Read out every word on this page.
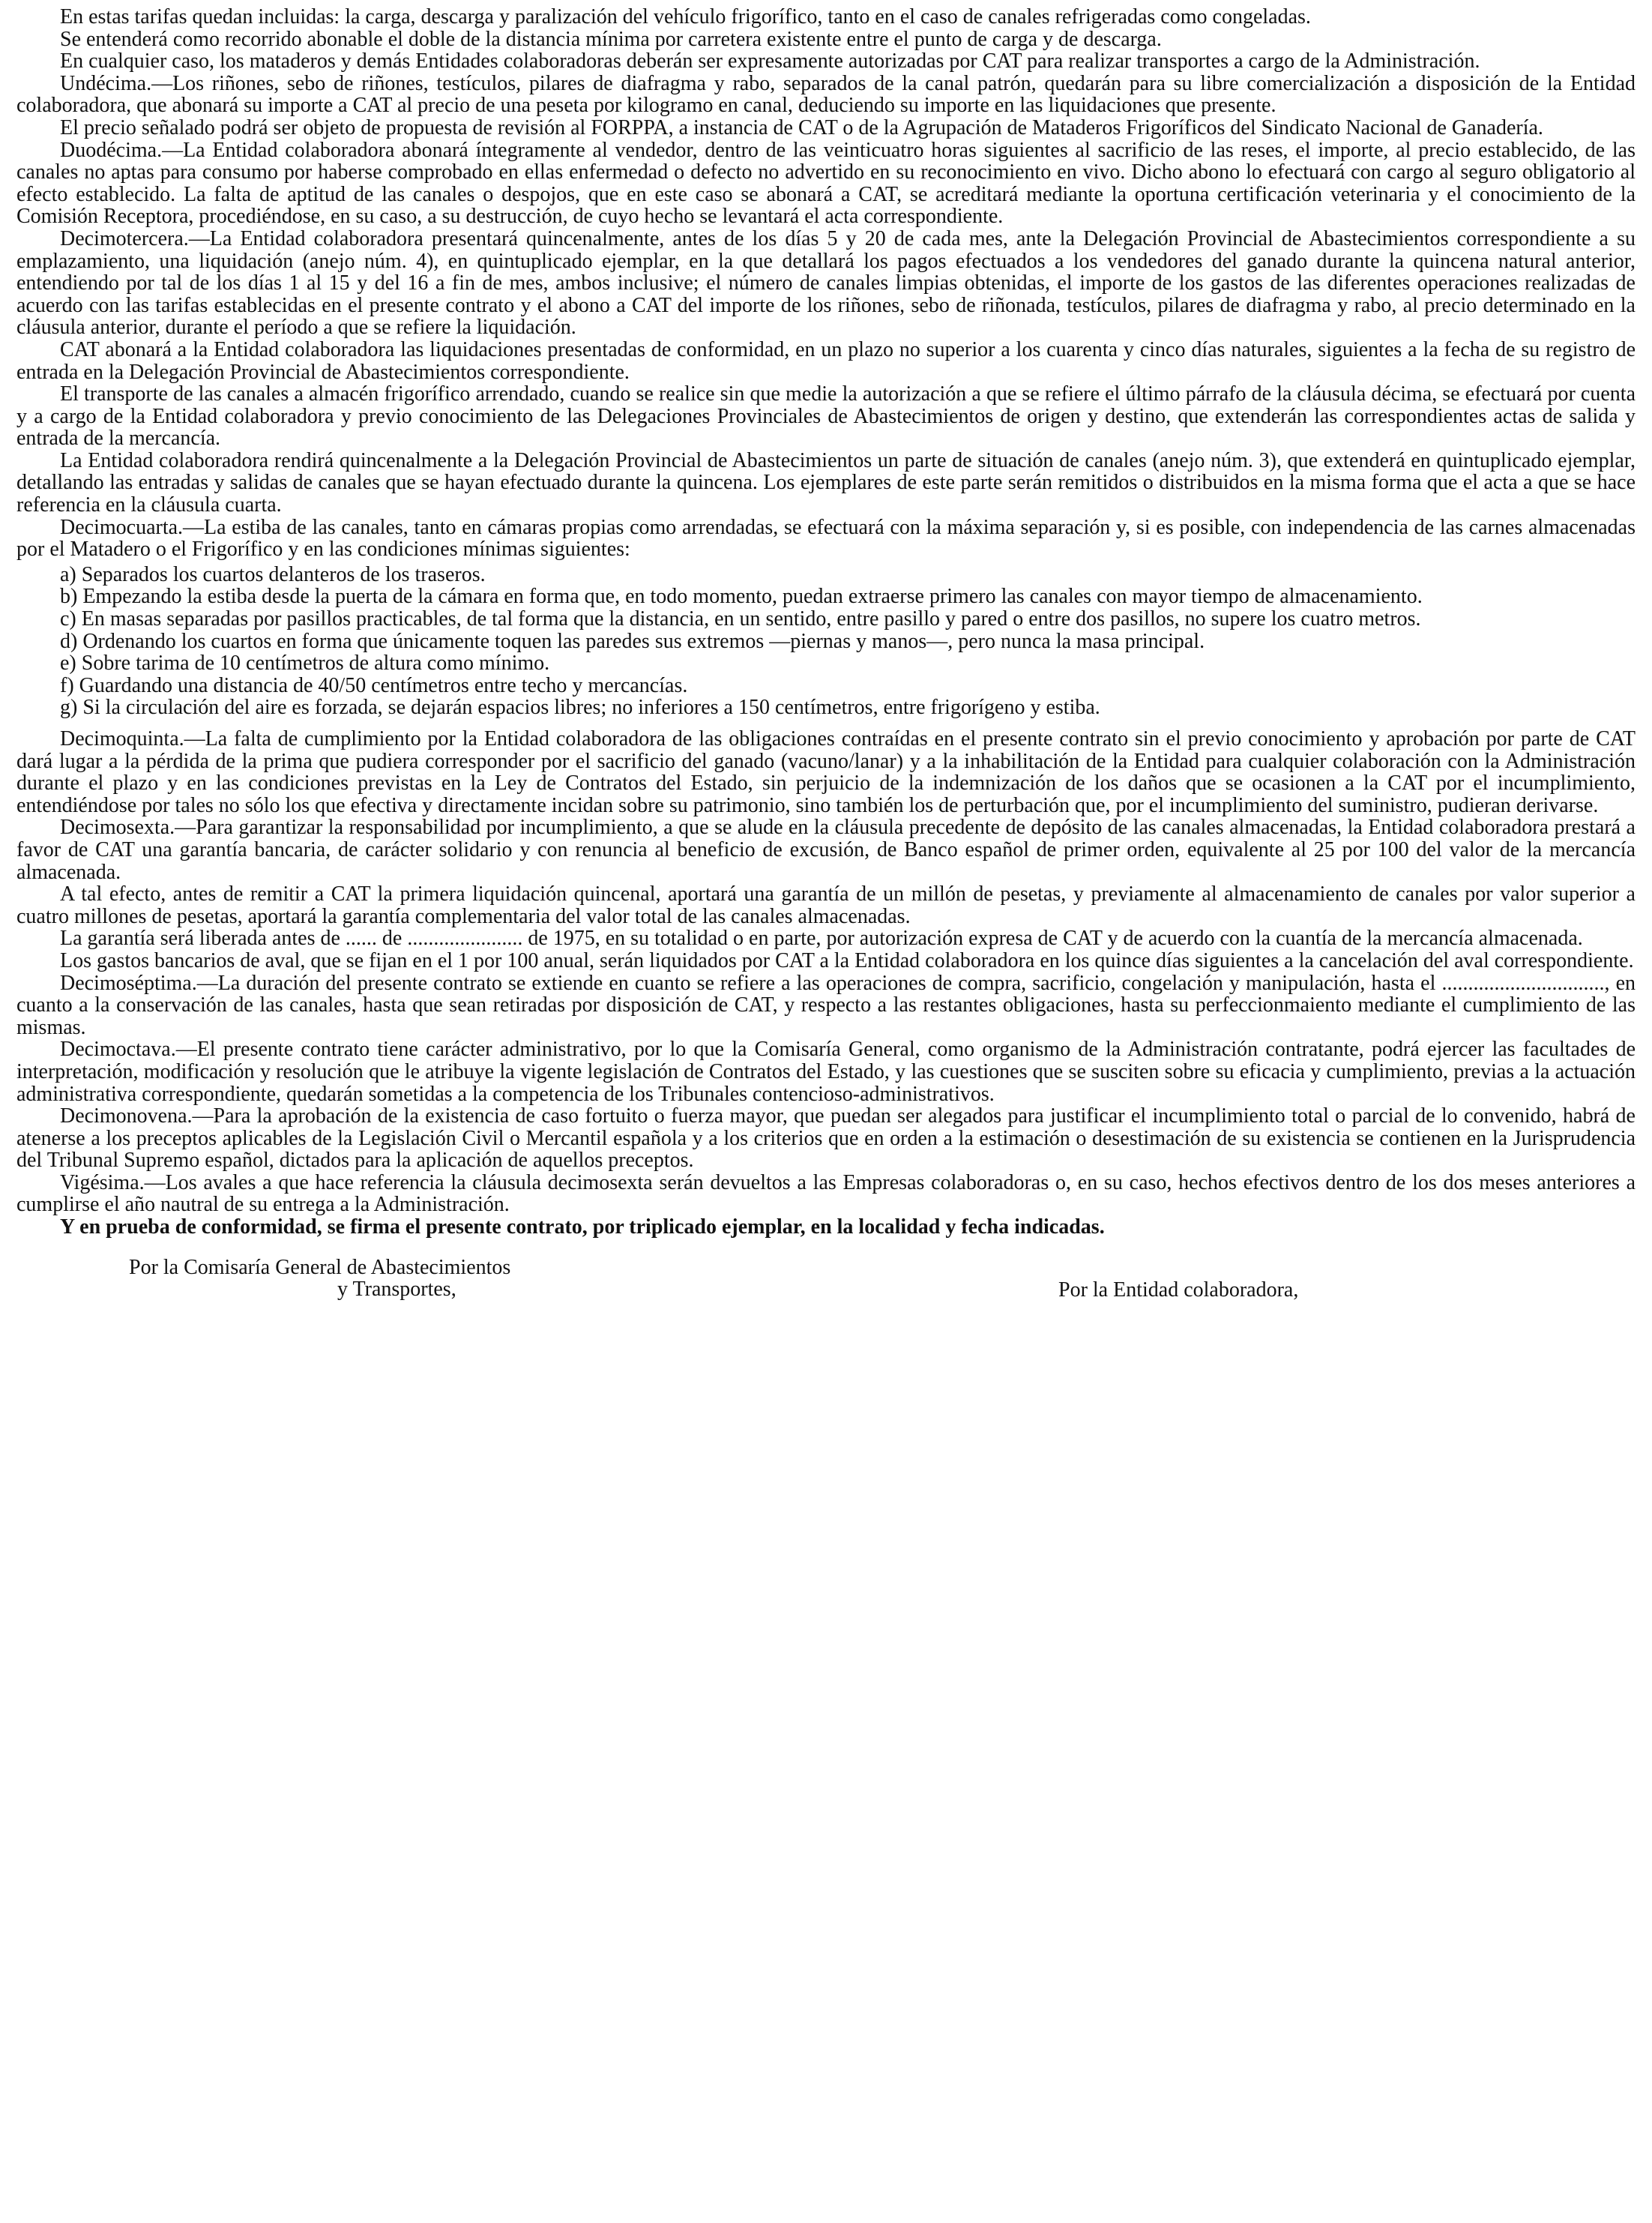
En estas tarifas quedan incluidas: la carga, descarga y paralización del vehículo frigorífico, tanto en el caso de canales refrigeradas como congeladas.

Se entenderá como recorrido abonable el doble de la distancia mínima por carretera existente entre el punto de carga y de descarga.

En cualquier caso, los mataderos y demás Entidades colaboradoras deberán ser expresamente autorizadas por CAT para realizar transportes a cargo de la Administración.

Undécima.—Los riñones, sebo de riñones, testículos, pilares de diafragma y rabo, separados de la canal patrón, quedarán para su libre comercialización a disposición de la Entidad colaboradora, que abonará su importe a CAT al precio de una peseta por kilogramo en canal, deduciendo su importe en las liquidaciones que presente.

El precio señalado podrá ser objeto de propuesta de revisión al FORPPA, a instancia de CAT o de la Agrupación de Mataderos Frigoríficos del Sindicato Nacional de Ganadería.

Duodécima.—La Entidad colaboradora abonará íntegramente al vendedor, dentro de las veinticuatro horas siguientes al sacrificio de las reses, el importe, al precio establecido, de las canales no aptas para consumo por haberse comprobado en ellas enfermedad o defecto no advertido en su reconocimiento en vivo. Dicho abono lo efectuará con cargo al seguro obligatorio al efecto establecido. La falta de aptitud de las canales o despojos, que en este caso se abonará a CAT, se acreditará mediante la oportuna certificación veterinaria y el conocimiento de la Comisión Receptora, procediéndose, en su caso, a su destrucción, de cuyo hecho se levantará el acta correspondiente.

Decimotercera.—La Entidad colaboradora presentará quincenalmente, antes de los días 5 y 20 de cada mes, ante la Delegación Provincial de Abastecimientos correspondiente a su emplazamiento, una liquidación (anejo núm. 4), en quintuplicado ejemplar, en la que detallará los pagos efectuados a los vendedores del ganado durante la quincena natural anterior, entendiendo por tal de los días 1 al 15 y del 16 a fin de mes, ambos inclusive; el número de canales limpias obtenidas, el importe de los gastos de las diferentes operaciones realizadas de acuerdo con las tarifas establecidas en el presente contrato y el abono a CAT del importe de los riñones, sebo de riñonada, testículos, pilares de diafragma y rabo, al precio determinado en la cláusula anterior, durante el período a que se refiere la liquidación.

CAT abonará a la Entidad colaboradora las liquidaciones presentadas de conformidad, en un plazo no superior a los cuarenta y cinco días naturales, siguientes a la fecha de su registro de entrada en la Delegación Provincial de Abastecimientos correspondiente.

El transporte de las canales a almacén frigorífico arrendado, cuando se realice sin que medie la autorización a que se refiere el último párrafo de la cláusula décima, se efectuará por cuenta y a cargo de la Entidad colaboradora y previo conocimiento de las Delegaciones Provinciales de Abastecimientos de origen y destino, que extenderán las correspondientes actas de salida y entrada de la mercancía.

La Entidad colaboradora rendirá quincenalmente a la Delegación Provincial de Abastecimientos un parte de situación de canales (anejo núm. 3), que extenderá en quintuplicado ejemplar, detallando las entradas y salidas de canales que se hayan efectuado durante la quincena. Los ejemplares de este parte serán remitidos o distribuidos en la misma forma que el acta a que se hace referencia en la cláusula cuarta.

Decimocuarta.—La estiba de las canales, tanto en cámaras propias como arrendadas, se efectuará con la máxima separación y, si es posible, con independencia de las carnes almacenadas por el Matadero o el Frigorífico y en las condiciones mínimas siguientes:

a) Separados los cuartos delanteros de los traseros.

b) Empezando la estiba desde la puerta de la cámara en forma que, en todo momento, puedan extraerse primero las canales con mayor tiempo de almacenamiento.

c) En masas separadas por pasillos practicables, de tal forma que la distancia, en un sentido, entre pasillo y pared o entre dos pasillos, no supere los cuatro metros.

d) Ordenando los cuartos en forma que únicamente toquen las paredes sus extremos —piernas y manos—, pero nunca la masa principal.

e) Sobre tarima de 10 centímetros de altura como mínimo.

f) Guardando una distancia de 40/50 centímetros entre techo y mercancías.

g) Si la circulación del aire es forzada, se dejarán espacios libres; no inferiores a 150 centímetros, entre frigorígeno y estiba.

Decimoquinta.—La falta de cumplimiento por la Entidad colaboradora de las obligaciones contraídas en el presente contrato sin el previo conocimiento y aprobación por parte de CAT dará lugar a la pérdida de la prima que pudiera corresponder por el sacrificio del ganado (vacuno/lanar) y a la inhabilitación de la Entidad para cualquier colaboración con la Administración durante el plazo y en las condiciones previstas en la Ley de Contratos del Estado, sin perjuicio de la indemnización de los daños que se ocasionen a la CAT por el incumplimiento, entendiéndose por tales no sólo los que efectiva y directamente incidan sobre su patrimonio, sino también los de perturbación que, por el incumplimiento del suministro, pudieran derivarse.

Decimosexta.—Para garantizar la responsabilidad por incumplimiento, a que se alude en la cláusula precedente de depósito de las canales almacenadas, la Entidad colaboradora prestará a favor de CAT una garantía bancaria, de carácter solidario y con renuncia al beneficio de excusión, de Banco español de primer orden, equivalente al 25 por 100 del valor de la mercancía almacenada.

A tal efecto, antes de remitir a CAT la primera liquidación quincenal, aportará una garantía de un millón de pesetas, y previamente al almacenamiento de canales por valor superior a cuatro millones de pesetas, aportará la garantía complementaria del valor total de las canales almacenadas.

La garantía será liberada antes de ...... de ...................... de 1975, en su totalidad o en parte, por autorización expresa de CAT y de acuerdo con la cuantía de la mercancía almacenada.

Los gastos bancarios de aval, que se fijan en el 1 por 100 anual, serán liquidados por CAT a la Entidad colaboradora en los quince días siguientes a la cancelación del aval correspondiente.

Decimoséptima.—La duración del presente contrato se extiende en cuanto se refiere a las operaciones de compra, sacrificio, congelación y manipulación, hasta el ..............................., en cuanto a la conservación de las canales, hasta que sean retiradas por disposición de CAT, y respecto a las restantes obligaciones, hasta su perfeccionmaiento mediante el cumplimiento de las mismas.

Decimoctava.—El presente contrato tiene carácter administrativo, por lo que la Comisaría General, como organismo de la Administración contratante, podrá ejercer las facultades de interpretación, modificación y resolución que le atribuye la vigente legislación de Contratos del Estado, y las cuestiones que se susciten sobre su eficacia y cumplimiento, previas a la actuación administrativa correspondiente, quedarán sometidas a la competencia de los Tribunales contencioso-administrativos.

Decimonovena.—Para la aprobación de la existencia de caso fortuito o fuerza mayor, que puedan ser alegados para justificar el incumplimiento total o parcial de lo convenido, habrá de atenerse a los preceptos aplicables de la Legislación Civil o Mercantil española y a los criterios que en orden a la estimación o desestimación de su existencia se contienen en la Jurisprudencia del Tribunal Supremo español, dictados para la aplicación de aquellos preceptos.

Vigésima.—Los avales a que hace referencia la cláusula decimosexta serán devueltos a las Empresas colaboradoras o, en su caso, hechos efectivos dentro de los dos meses anteriores a cumplirse el año nautral de su entrega a la Administración.

Y en prueba de conformidad, se firma el presente contrato, por triplicado ejemplar, en la localidad y fecha indicadas.

Por la Comisaría General de Abastecimientos
y Transportes,	Por la Entidad colaboradora,
